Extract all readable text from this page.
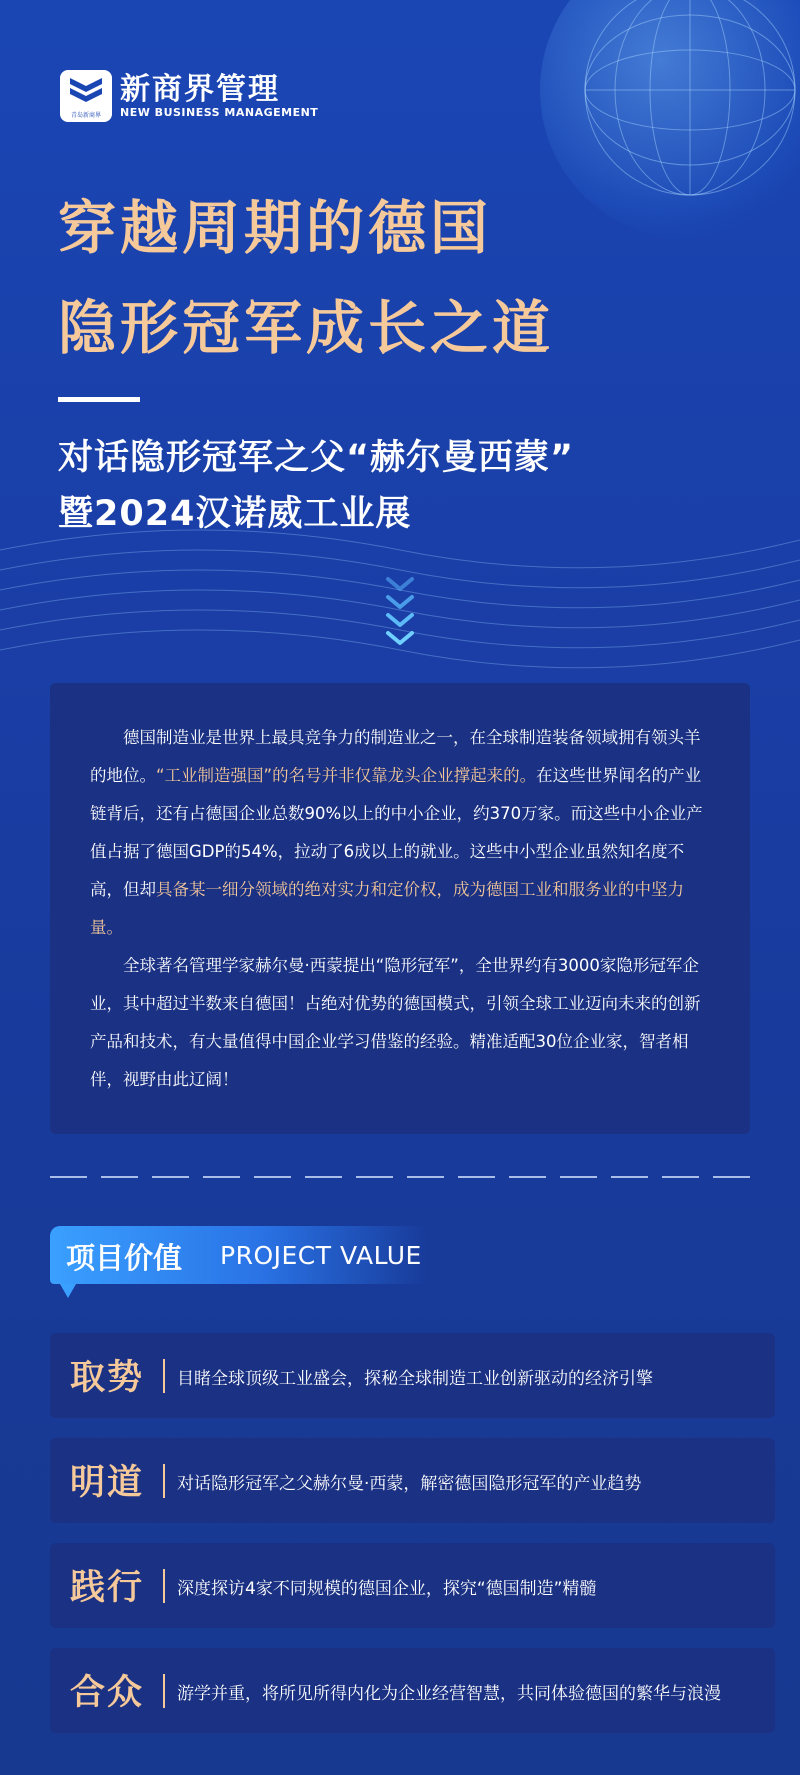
青岛新商界
新商界管理
NEW BUSINESS MANAGEMENT
穿越周期的德国
隐形冠军成长之道
对话隐形冠军之父“赫尔曼西蒙”
暨2024汉诺威工业展

德国制造业是世界上最具竞争力的制造业之一，在全球制造装备领域拥有领头羊的地位。“工业制造强国”的名号并非仅靠龙头企业撑起来的。在这些世界闻名的产业链背后，还有占德国企业总数90%以上的中小企业，约370万家。而这些中小企业产值占据了德国GDP的54%，拉动了6成以上的就业。这些中小型企业虽然知名度不高，但却具备某一细分领域的绝对实力和定价权，成为德国工业和服务业的中坚力量。

全球著名管理学家赫尔曼·西蒙提出“隐形冠军”，全世界约有3000家隐形冠军企业，其中超过半数来自德国！占绝对优势的德国模式，引领全球工业迈向未来的创新产品和技术，有大量值得中国企业学习借鉴的经验。精准适配30位企业家，智者相伴，视野由此辽阔！

项目价值 PROJECT VALUE
取势 目睹全球顶级工业盛会，探秘全球制造工业创新驱动的经济引擎
明道 对话隐形冠军之父赫尔曼·西蒙，解密德国隐形冠军的产业趋势
践行 深度探访4家不同规模的德国企业，探究“德国制造”精髓
合众 游学并重，将所见所得内化为企业经营智慧，共同体验德国的繁华与浪漫
